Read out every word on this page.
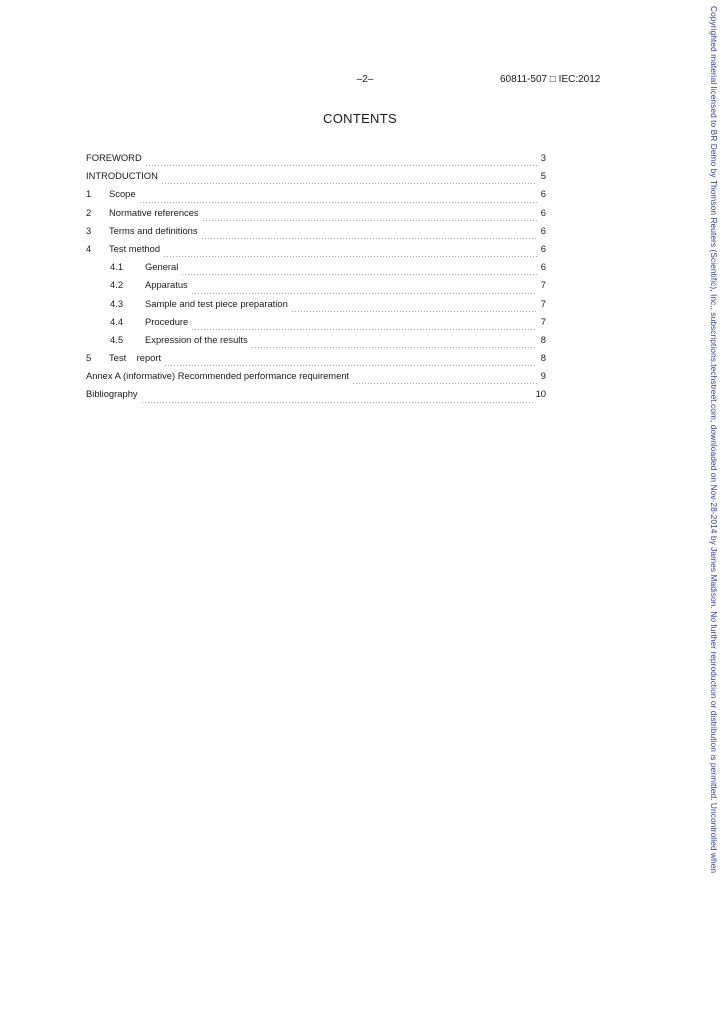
–2–	60811-507 □ IEC:2012
CONTENTS
FOREWORD	3
INTRODUCTION	5
1	Scope	6
2	Normative references	6
3	Terms and definitions	6
4	Test method	6
4.1	General	6
4.2	Apparatus	7
4.3	Sample and test piece preparation	7
4.4	Procedure	7
4.5	Expression of the results	8
5	Test    report	8
Annex A (informative) Recommended performance requirement	9
Bibliography	10	Copyrighted material licensed to BR Demo by Thomson Reuters (Scientific), Inc., subscriptions.techstreet.com, downloaded on Nov-28-2014 by James Madison. No further reproduction or distribution is permitted. Uncontrolled when
